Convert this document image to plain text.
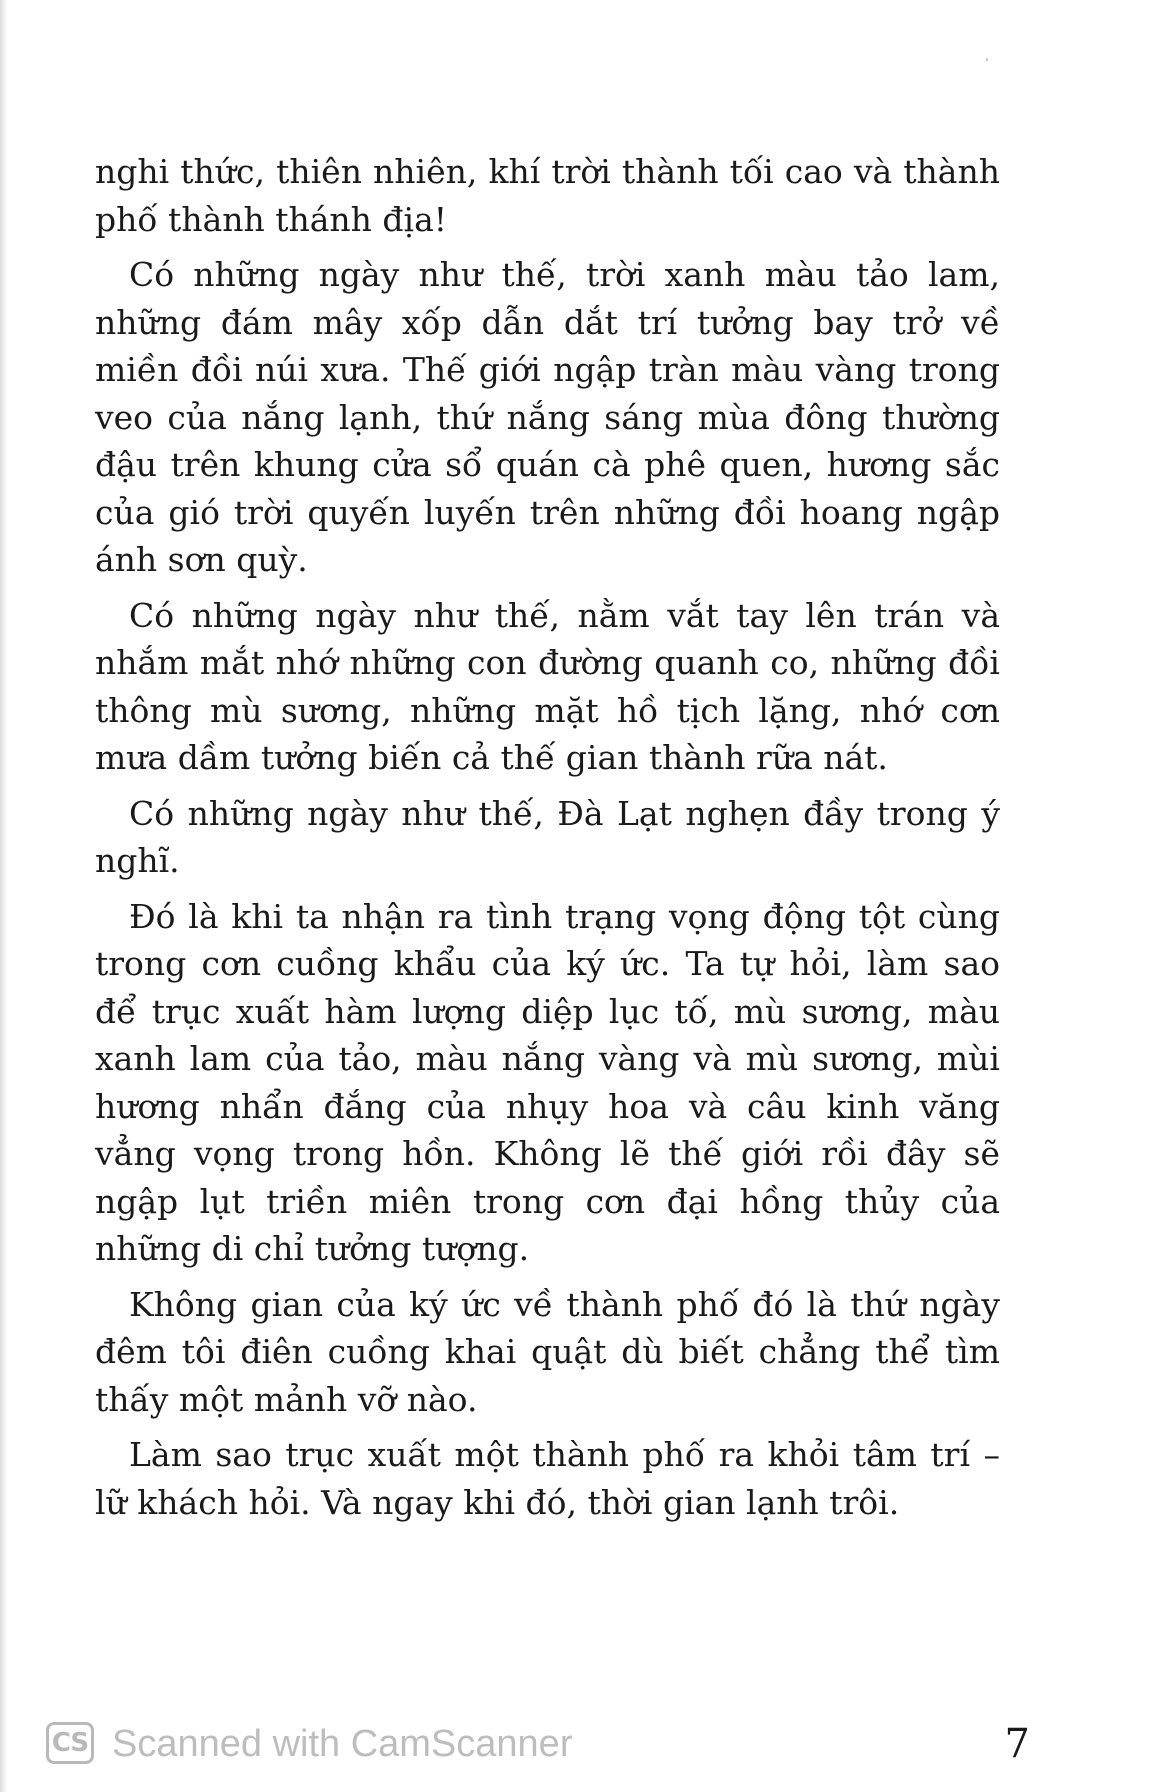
nghi thức, thiên nhiên, khí trời thành tối cao và thành phố thành thánh địa!

Có những ngày như thế, trời xanh màu tảo lam, những đám mây xốp dẫn dắt trí tưởng bay trở về miền đồi núi xưa. Thế giới ngập tràn màu vàng trong veo của nắng lạnh, thứ nắng sáng mùa đông thường đậu trên khung cửa sổ quán cà phê quen, hương sắc của gió trời quyến luyến trên những đồi hoang ngập ánh sơn quỳ.

Có những ngày như thế, nằm vắt tay lên trán và nhắm mắt nhớ những con đường quanh co, những đồi thông mù sương, những mặt hồ tịch lặng, nhớ cơn mưa dầm tưởng biến cả thế gian thành rữa nát.

Có những ngày như thế, Đà Lạt nghẹn đầy trong ý nghĩ.

Đó là khi ta nhận ra tình trạng vọng động tột cùng trong cơn cuồng khẩu của ký ức. Ta tự hỏi, làm sao để trục xuất hàm lượng diệp lục tố, mù sương, màu xanh lam của tảo, màu nắng vàng và mù sương, mùi hương nhẩn đắng của nhụy hoa và câu kinh văng vẳng vọng trong hồn. Không lẽ thế giới rồi đây sẽ ngập lụt triền miên trong cơn đại hồng thủy của những di chỉ tưởng tượng.

Không gian của ký ức về thành phố đó là thứ ngày đêm tôi điên cuồng khai quật dù biết chẳng thể tìm thấy một mảnh vỡ nào.

Làm sao trục xuất một thành phố ra khỏi tâm trí – lữ khách hỏi. Và ngay khi đó, thời gian lạnh trôi.

CS Scanned with CamScanner	7
